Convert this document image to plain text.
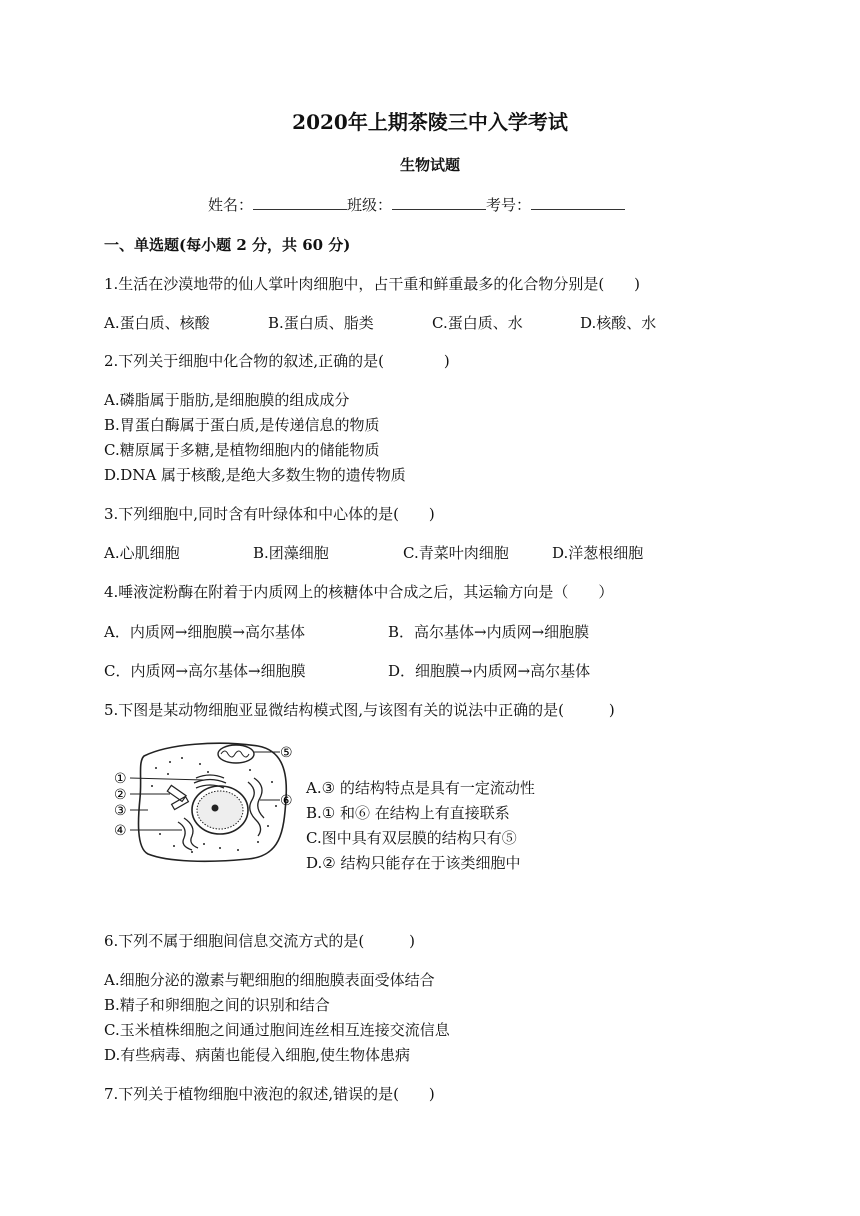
2020年上期茶陵三中入学考试
生物试题
姓名：	班级：	考号：
一、单选题(每小题 2 分，共 60 分)
1.生活在沙漠地带的仙人掌叶肉细胞中，占干重和鲜重最多的化合物分别是(　　)
A.蛋白质、核酸	B.蛋白质、脂类	C.蛋白质、水	D.核酸、水
2.下列关于细胞中化合物的叙述,正确的是(　　　　)
A.磷脂属于脂肪,是细胞膜的组成成分
B.胃蛋白酶属于蛋白质,是传递信息的物质
C.糖原属于多糖,是植物细胞内的储能物质
D.DNA 属于核酸,是绝大多数生物的遗传物质
3.下列细胞中,同时含有叶绿体和中心体的是(　　)
A.心肌细胞	B.团藻细胞	C.青菜叶肉细胞	D.洋葱根细胞
4.唾液淀粉酶在附着于内质网上的核糖体中合成之后，其运输方向是（　　）
A．内质网→细胞膜→高尔基体	B．高尔基体→内质网→细胞膜
C．内质网→高尔基体→细胞膜	D．细胞膜→内质网→高尔基体
5.下图是某动物细胞亚显微结构模式图,与该图有关的说法中正确的是(　　　)
①
②
③
④
⑤
⑥
A.③ 的结构特点是具有一定流动性
B.① 和⑥ 在结构上有直接联系
C.图中具有双层膜的结构只有⑤
D.② 结构只能存在于该类细胞中
6.下列不属于细胞间信息交流方式的是(　　　)
A.细胞分泌的激素与靶细胞的细胞膜表面受体结合
B.精子和卵细胞之间的识别和结合
C.玉米植株细胞之间通过胞间连丝相互连接交流信息
D.有些病毒、病菌也能侵入细胞,使生物体患病
7.下列关于植物细胞中液泡的叙述,错误的是(　　)
